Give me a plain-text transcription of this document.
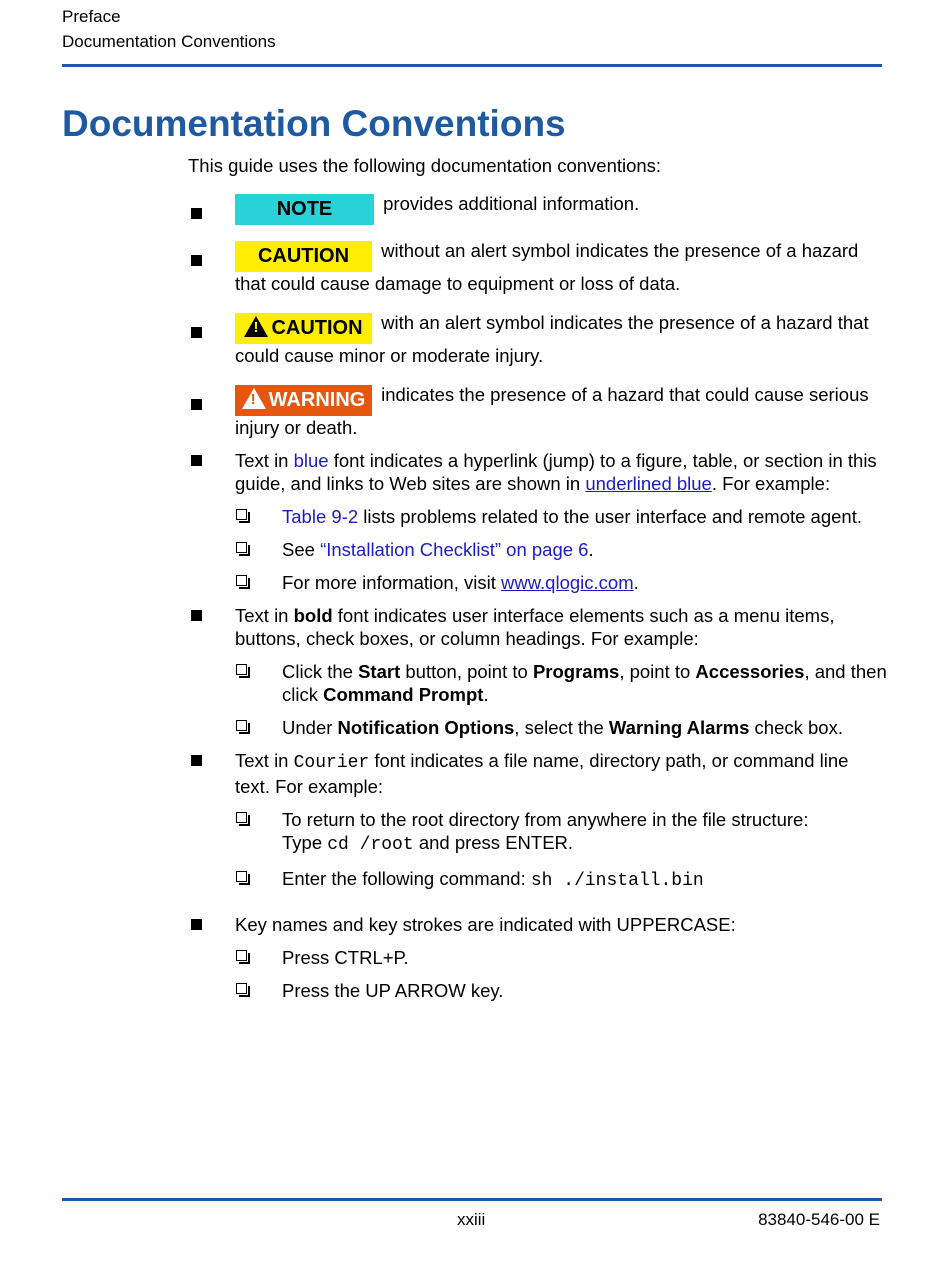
Preface
Documentation Conventions
Documentation Conventions

This guide uses the following documentation conventions:

NOTE	provides additional information.
CAUTION without an alert symbol indicates the presence of a hazard that could cause damage to equipment or loss of data.
!CAUTION with an alert symbol indicates the presence of a hazard that could cause minor or moderate injury.
!WARNING indicates the presence of a hazard that could cause serious injury or death.
Text in blue font indicates a hyperlink (jump) to a figure, table, or section in this guide, and links to Web sites are shown in underlined blue. For example:
Table 9-2 lists problems related to the user interface and remote agent.
See “Installation Checklist” on page 6.
For more information, visit www.qlogic.com.
Text in bold font indicates user interface elements such as a menu items, buttons, check boxes, or column headings. For example:
Click the Start button, point to Programs, point to Accessories, and then click Command Prompt.
Under Notification Options, select the Warning Alarms check box.
Text in Courier font indicates a file name, directory path, or command line text. For example:
To return to the root directory from anywhere in the file structure:
Type cd /root and press ENTER.
Enter the following command: sh ./install.bin
Key names and key strokes are indicated with UPPERCASE:
Press CTRL+P.
Press the UP ARROW key.
xxiii	83840-546-00 E
